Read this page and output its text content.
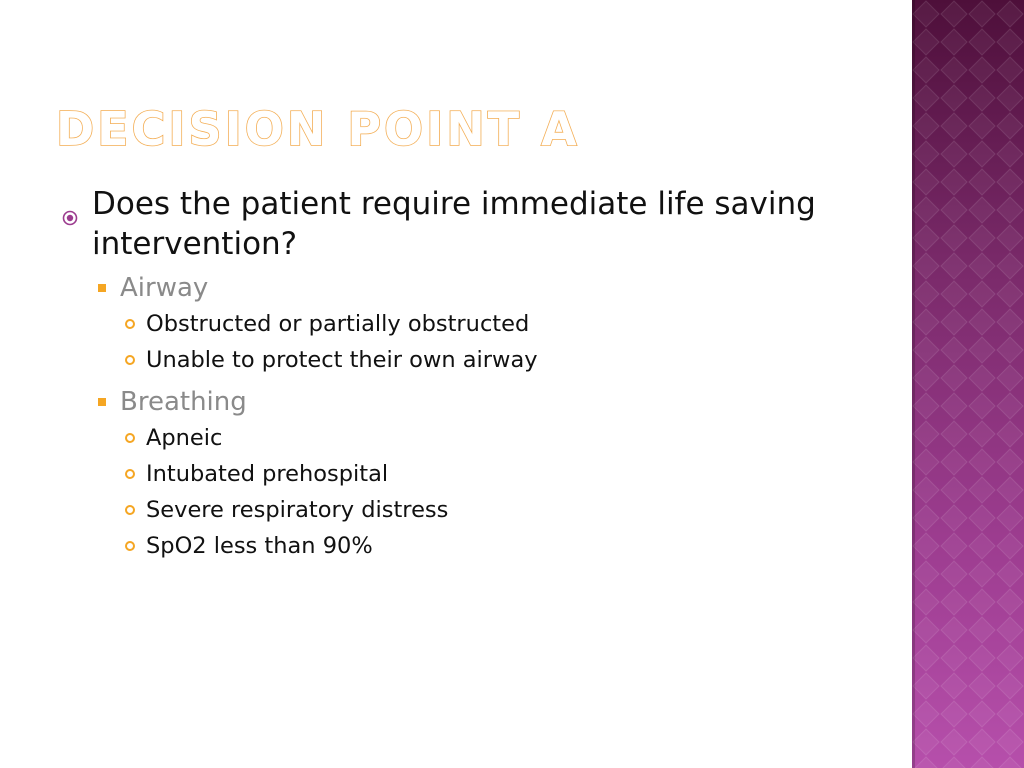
DECISION POINT A
Does the patient require immediate life saving intervention?
Airway
Obstructed or partially obstructed
Unable to protect their own airway
Breathing
Apneic
Intubated prehospital
Severe respiratory distress
SpO2 less than 90%
